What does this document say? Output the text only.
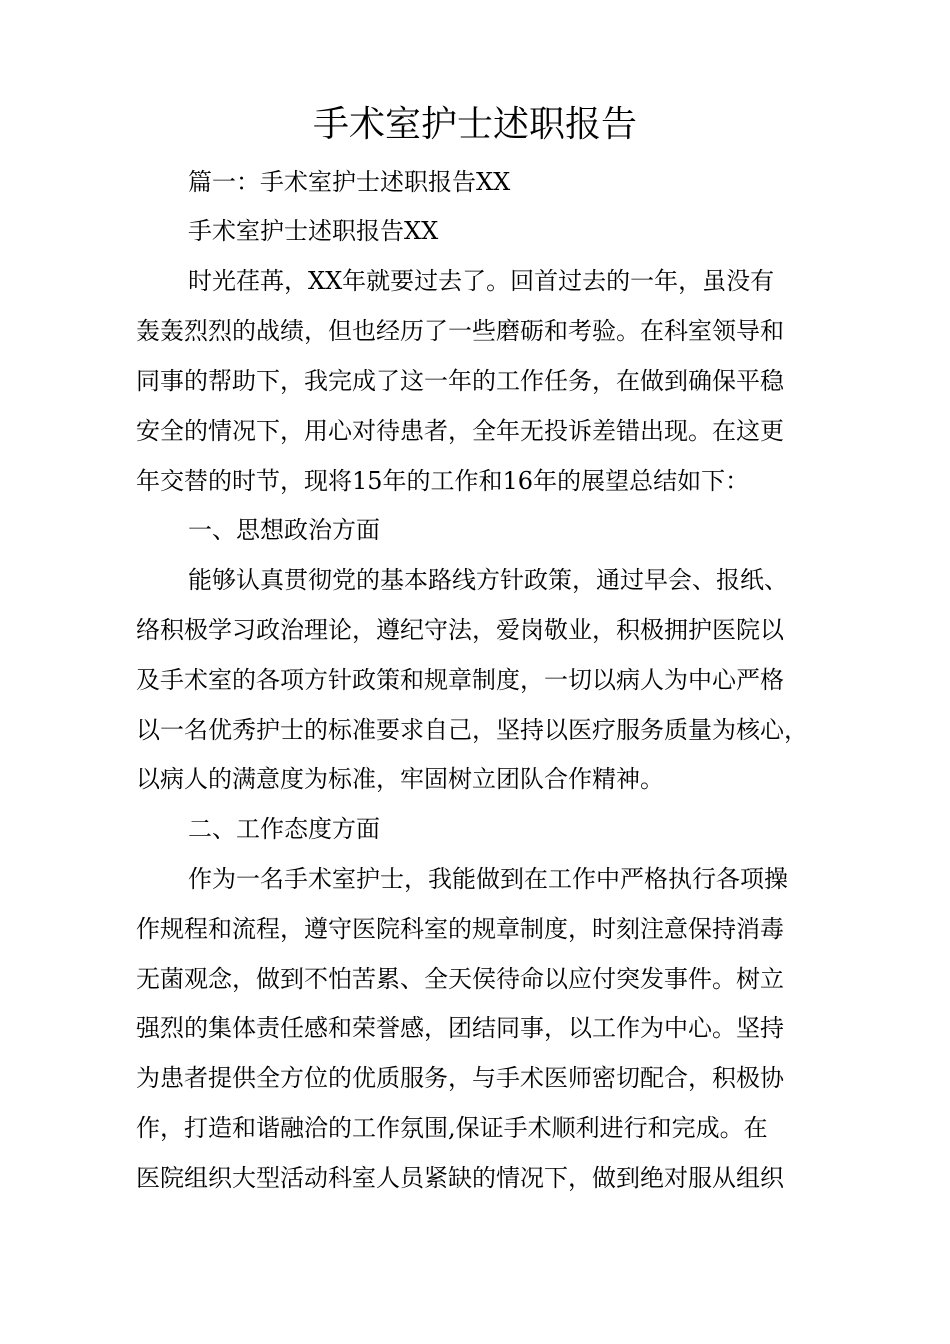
手术室护士述职报告

篇一：手术室护士述职报告XX

手术室护士述职报告XX

时光荏苒，XX年就要过去了。回首过去的一年，虽没有

轰轰烈烈的战绩，但也经历了一些磨砺和考验。在科室领导和

同事的帮助下，我完成了这一年的工作任务，在做到确保平稳

安全的情况下，用心对待患者，全年无投诉差错出现。在这更

年交替的时节，现将15年的工作和16年的展望总结如下：

一、思想政治方面

能够认真贯彻党的基本路线方针政策，通过早会、报纸、

络积极学习政治理论，遵纪守法，爱岗敬业，积极拥护医院以

及手术室的各项方针政策和规章制度，一切以病人为中心严格

以一名优秀护士的标准要求自己，坚持以医疗服务质量为核心，

以病人的满意度为标准，牢固树立团队合作精神。

二、工作态度方面

作为一名手术室护士，我能做到在工作中严格执行各项操

作规程和流程，遵守医院科室的规章制度，时刻注意保持消毒

无菌观念，做到不怕苦累、全天侯待命以应付突发事件。树立

强烈的集体责任感和荣誉感，团结同事，以工作为中心。坚持

为患者提供全方位的优质服务，与手术医师密切配合，积极协

作，打造和谐融洽的工作氛围,保证手术顺利进行和完成。在

医院组织大型活动科室人员紧缺的情况下，做到绝对服从组织
